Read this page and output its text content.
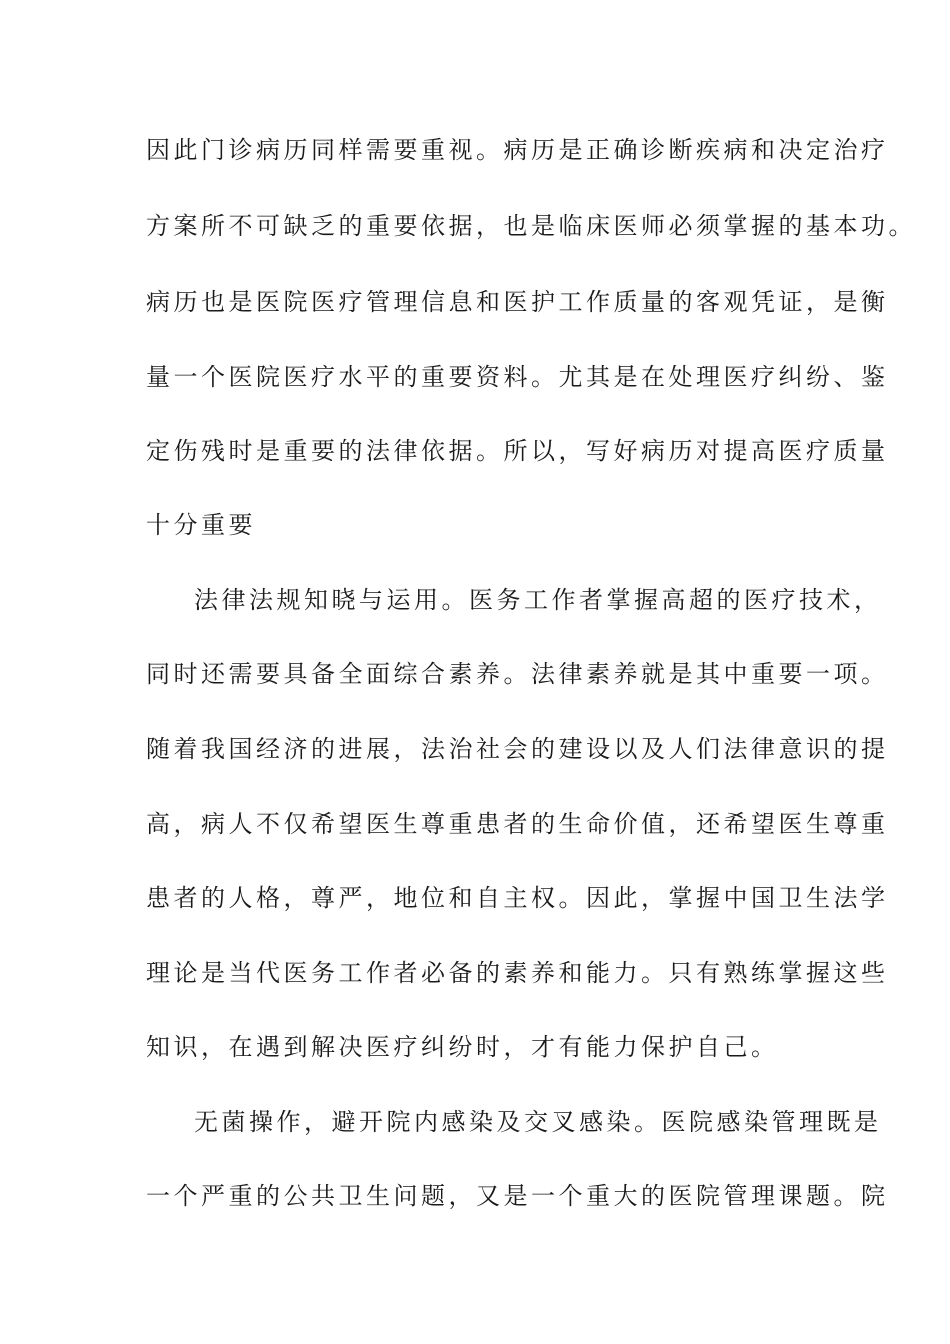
因此门诊病历同样需要重视。病历是正确诊断疾病和决定治疗
方案所不可缺乏的重要依据，也是临床医师必须掌握的基本功。
病历也是医院医疗管理信息和医护工作质量的客观凭证，是衡
量一个医院医疗水平的重要资料。尤其是在处理医疗纠纷、鉴
定伤残时是重要的法律依据。所以，写好病历对提高医疗质量
十分重要
法律法规知晓与运用。医务工作者掌握高超的医疗技术，
同时还需要具备全面综合素养。法律素养就是其中重要一项。
随着我国经济的进展，法治社会的建设以及人们法律意识的提
高，病人不仅希望医生尊重患者的生命价值，还希望医生尊重
患者的人格，尊严，地位和自主权。因此，掌握中国卫生法学
理论是当代医务工作者必备的素养和能力。只有熟练掌握这些
知识，在遇到解决医疗纠纷时，才有能力保护自己。
无菌操作，避开院内感染及交叉感染。医院感染管理既是
一个严重的公共卫生问题，又是一个重大的医院管理课题。院
